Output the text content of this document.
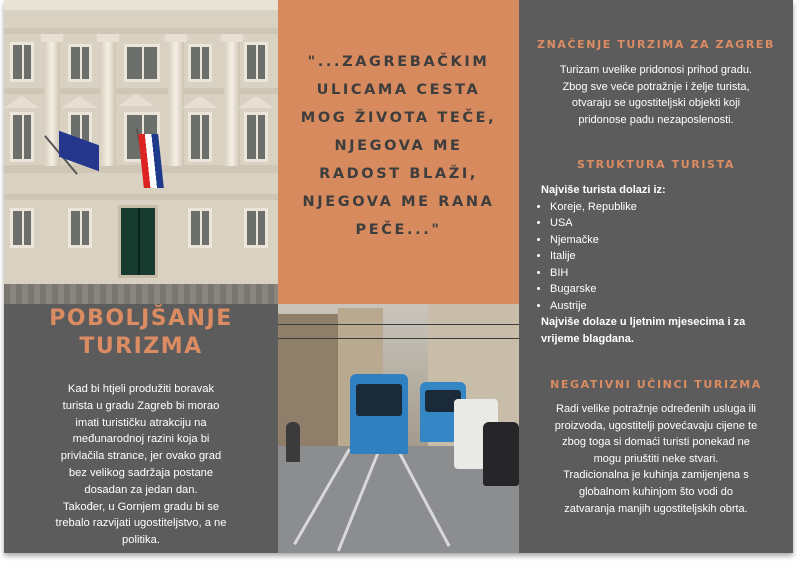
"...ZAGREBAČKIM ULICAMA CESTA MOG ŽIVOTA TEČE, NJEGOVA ME RADOST BLAŽI, NJEGOVA ME RANA PEČE..."

POBOLJŠANJE TURIZMA

Kad bi htjeli produžiti boravak
turista u gradu Zagreb bi morao
imati turističku atrakciju na
međunarodnoj razini koja bi
privlačila strance, jer ovako grad
bez velikog sadržaja postane
dosadan za jedan dan.
Također, u Gornjem gradu bi se
trebalo razvijati ugostiteljstvo, a ne
politika.

ZNAČENJE TURZIMA ZA ZAGREB

Turizam uvelike pridonosi prihod gradu.
Zbog sve veće potražnje i želje turista,
otvaraju se ugostiteljski objekti koji
pridonose padu nezaposlenosti.

STRUKTURA TURISTA

Najviše turista dolazi iz:

• Koreje, Republike
• USA
• Njemačke
• Italije
• BIH
• Bugarske
• Austrije

Najviše dolaze u ljetnim mjesecima i za
vrijeme blagdana.

NEGATIVNI UČINCI TURIZMA

Radi velike potražnje određenih usluga ili
proizvoda, ugostitelji povećavaju cijene te
zbog toga si domaći turisti ponekad ne
mogu priuštiti neke stvari.
Tradicionalna je kuhinja zamijenjena s
globalnom kuhinjom što vodi do
zatvaranja manjih ugostiteljskih obrta.
